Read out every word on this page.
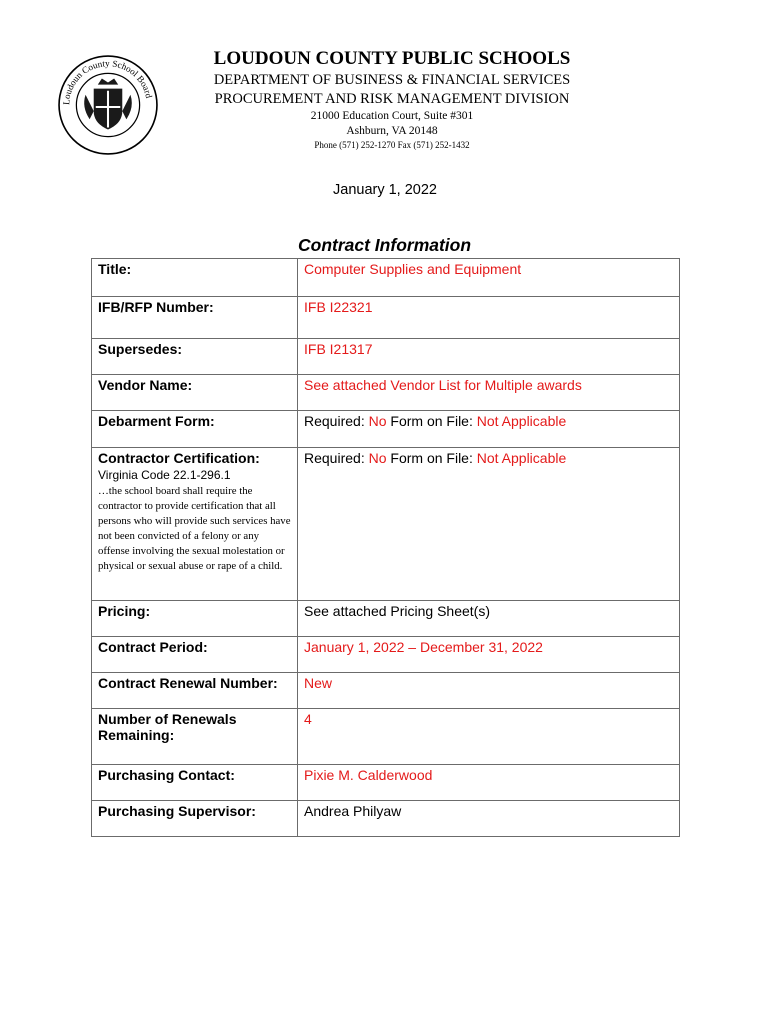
Loudoun County School Board
LOUDOUN COUNTY PUBLIC SCHOOLS
DEPARTMENT OF BUSINESS & FINANCIAL SERVICES
PROCUREMENT AND RISK MANAGEMENT DIVISION
21000 Education Court, Suite #301
Ashburn, VA 20148
Phone (571) 252-1270 Fax (571) 252-1432
January 1, 2022
Contract Information
Title:	Computer Supplies and Equipment
IFB/RFP Number:	IFB I22321
Supersedes:	IFB I21317
Vendor Name:	See attached Vendor List for Multiple awards
Debarment Form:	Required: No Form on File: Not Applicable

Contractor Certification:
Virginia Code 22.1-296.1
…the school board shall require the contractor to provide certification that all persons who will provide such services have not been convicted of a felony or any offense involving the sexual molestation or physical or sexual abuse or rape of a child.	Required: No Form on File: Not Applicable
Pricing:	See attached Pricing Sheet(s)
Contract Period:	January 1, 2022 – December 31, 2022
Contract Renewal Number:	New
Number of Renewals Remaining:	4
Purchasing Contact:	Pixie M. Calderwood
Purchasing Supervisor:	Andrea Philyaw
